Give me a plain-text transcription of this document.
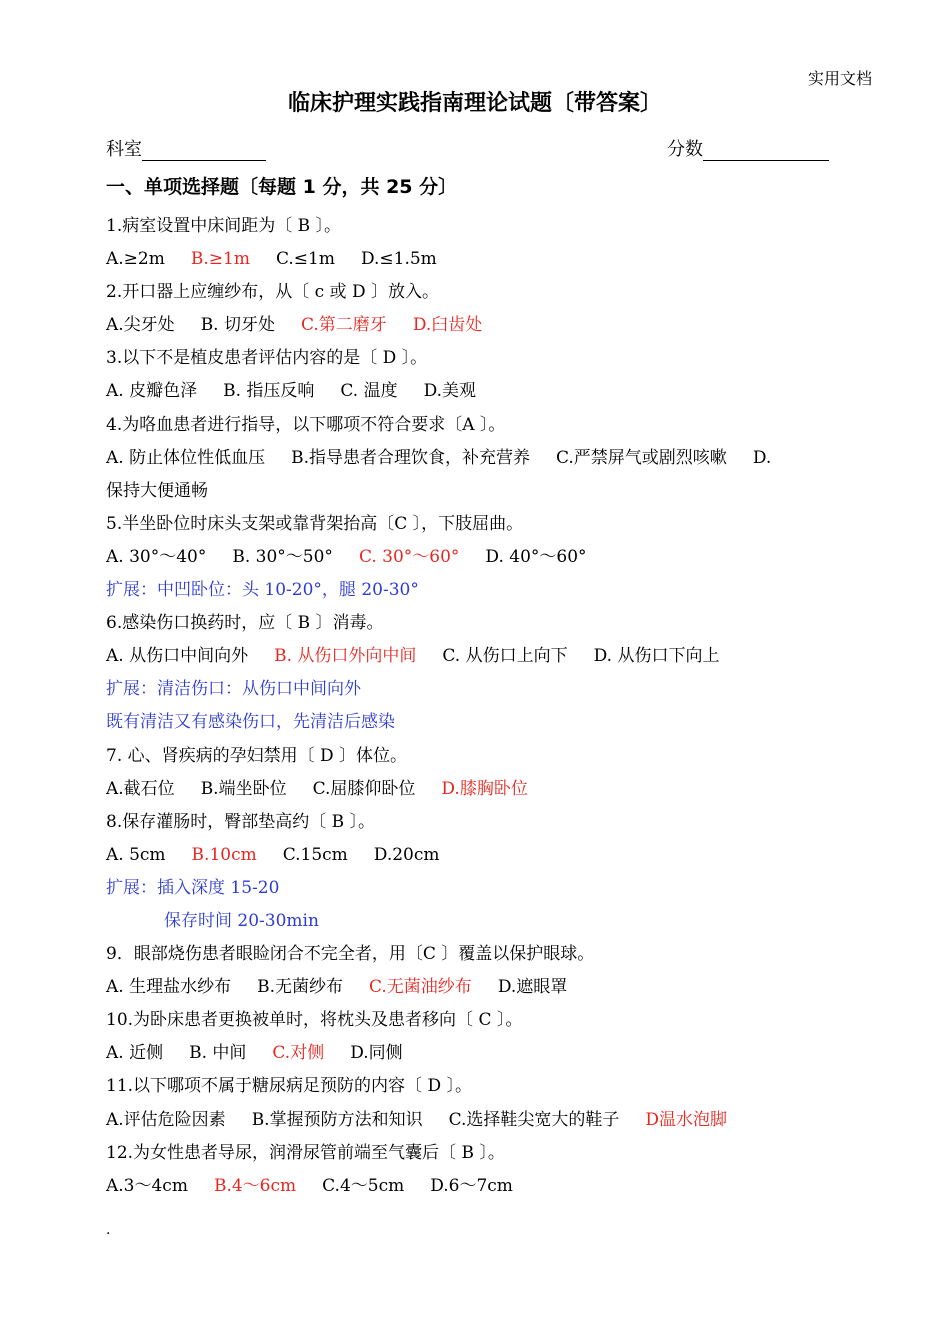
实用文档
临床护理实践指南理论试题〔带答案〕
科室	分数
一、单项选择题〔每题 1 分，共 25 分〕
1.病室设置中床间距为〔 B 〕。
A.≥2m B.≥1m C.≤1m D.≤1.5m
2.开口器上应缠纱布，从〔 c 或 D 〕放入。
A.尖牙处 B. 切牙处 C.第二磨牙 D.臼齿处
3.以下不是植皮患者评估内容的是〔 D 〕。
A. 皮瓣色泽 B. 指压反响 C. 温度 D.美观
4.为咯血患者进行指导，以下哪项不符合要求〔A 〕。
A. 防止体位性低血压 B.指导患者合理饮食，补充营养 C.严禁屏气或剧烈咳嗽 D.
保持大便通畅
5.半坐卧位时床头支架或靠背架抬高〔C 〕，下肢屈曲。
A. 30°～40° B. 30°～50° C. 30°～60° D. 40°～60°
扩展：中凹卧位：头 10-20°，腿 20-30°
6.感染伤口换药时，应〔 B 〕消毒。
A. 从伤口中间向外 B. 从伤口外向中间 C. 从伤口上向下 D. 从伤口下向上
扩展：清洁伤口：从伤口中间向外
既有清洁又有感染伤口，先清洁后感染
7. 心、肾疾病的孕妇禁用〔 D 〕体位。
A.截石位 B.端坐卧位 C.屈膝仰卧位 D.膝胸卧位
8.保存灌肠时，臀部垫高约〔 B 〕。
A. 5cm B.10cm C.15cm D.20cm
扩展：插入深度 15-20
保存时间 20-30min
9．眼部烧伤患者眼睑闭合不完全者，用〔C 〕覆盖以保护眼球。
A. 生理盐水纱布 B.无菌纱布 C.无菌油纱布 D.遮眼罩
10.为卧床患者更换被单时，将枕头及患者移向〔 C 〕。
A. 近侧 B. 中间 C.对侧 D.同侧
11.以下哪项不属于糖尿病足预防的内容〔 D 〕。
A.评估危险因素 B.掌握预防方法和知识 C.选择鞋尖宽大的鞋子 D温水泡脚
12.为女性患者导尿，润滑尿管前端至气囊后〔 B 〕。
A.3～4cm B.4～6cm C.4～5cm D.6～7cm
.
